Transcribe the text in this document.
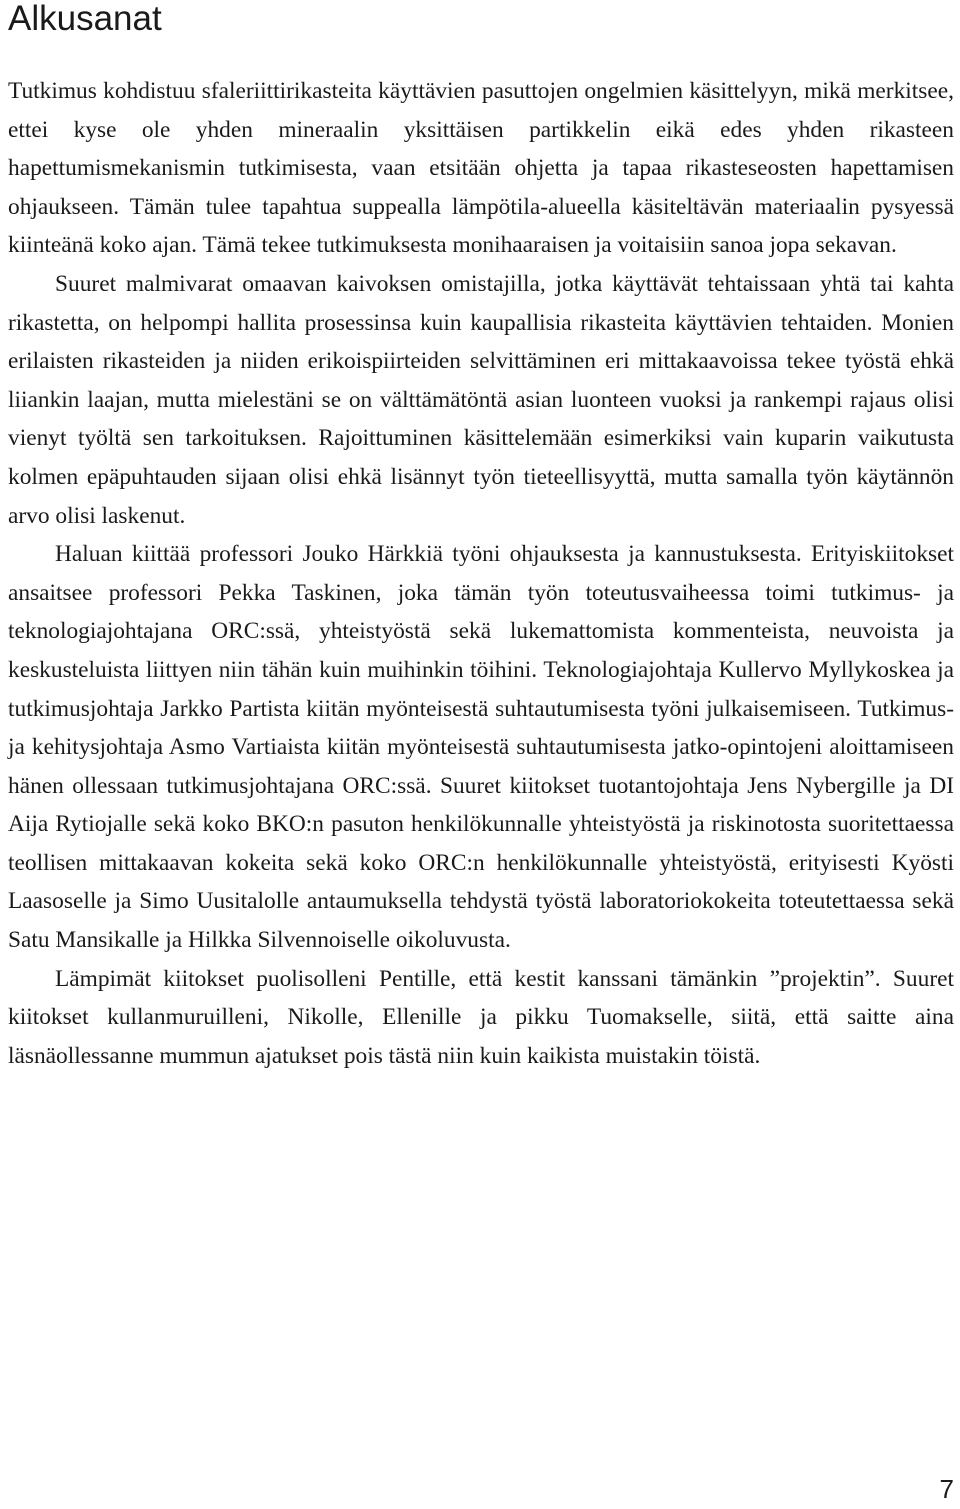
Alkusanat

Tutkimus kohdistuu sfaleriittirikasteita käyttävien pasuttojen ongelmien käsittelyyn, mikä merkitsee, ettei kyse ole yhden mineraalin yksittäisen partikkelin eikä edes yhden rikasteen hapettumismekanismin tutkimisesta, vaan etsitään ohjetta ja tapaa rikasteseosten hapettamisen ohjaukseen. Tämän tulee tapahtua suppealla lämpötila-alueella käsiteltävän materiaalin pysyessä kiinteänä koko ajan. Tämä tekee tutkimuksesta monihaaraisen ja voitaisiin sanoa jopa sekavan.

Suuret malmivarat omaavan kaivoksen omistajilla, jotka käyttävät tehtaissaan yhtä tai kahta rikastetta, on helpompi hallita prosessinsa kuin kaupallisia rikasteita käyttävien tehtaiden. Monien erilaisten rikasteiden ja niiden erikoispiirteiden selvittäminen eri mittakaavoissa tekee työstä ehkä liiankin laajan, mutta mielestäni se on välttämätöntä asian luonteen vuoksi ja rankempi rajaus olisi vienyt työltä sen tarkoituksen. Rajoittuminen käsittelemään esimerkiksi vain kuparin vaikutusta kolmen epäpuhtauden sijaan olisi ehkä lisännyt työn tieteellisyyttä, mutta samalla työn käytännön arvo olisi laskenut.

Haluan kiittää professori Jouko Härkkiä työni ohjauksesta ja kannustuksesta. Erityiskiitokset ansaitsee professori Pekka Taskinen, joka tämän työn toteutusvaiheessa toimi tutkimus- ja teknologiajohtajana ORC:ssä, yhteistyöstä sekä lukemattomista kommenteista, neuvoista ja keskusteluista liittyen niin tähän kuin muihinkin töihini. Teknologiajohtaja Kullervo Myllykoskea ja tutkimusjohtaja Jarkko Partista kiitän myönteisestä suhtautumisesta työni julkaisemiseen. Tutkimus- ja kehitysjohtaja Asmo Vartiaista kiitän myönteisestä suhtautumisesta jatko-opintojeni aloittamiseen hänen ollessaan tutkimusjohtajana ORC:ssä. Suuret kiitokset tuotantojohtaja Jens Nybergille ja DI Aija Rytiojalle sekä koko BKO:n pasuton henkilökunnalle yhteistyöstä ja riskinotosta suoritettaessa teollisen mittakaavan kokeita sekä koko ORC:n henkilökunnalle yhteistyöstä, erityisesti Kyösti Laasoselle ja Simo Uusitalolle antaumuksella tehdystä työstä laboratoriokokeita toteutettaessa sekä Satu Mansikalle ja Hilkka Silvennoiselle oikoluvusta.

Lämpimät kiitokset puolisolleni Pentille, että kestit kanssani tämänkin ”projektin”. Suuret kiitokset kullanmuruilleni, Nikolle, Ellenille ja pikku Tuomakselle, siitä, että saitte aina läsnäollessanne mummun ajatukset pois tästä niin kuin kaikista muistakin töistä.

7
